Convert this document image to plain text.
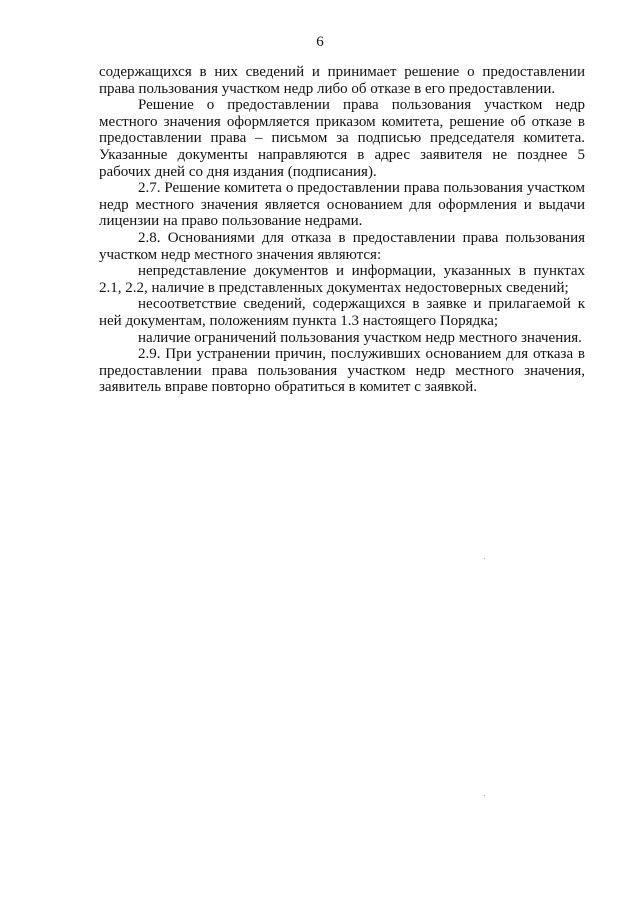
6

содержащихся в них сведений и принимает решение о предоставлении права пользования участком недр либо об отказе в его предоставлении.

Решение о предоставлении права пользования участком недр местного значения оформляется приказом комитета, решение об отказе в предоставлении права – письмом за подписью председателя комитета. Указанные документы направляются в адрес заявителя не позднее 5 рабочих дней со дня издания (подписания).

2.7. Решение комитета о предоставлении права пользования участком недр местного значения является основанием для оформления и выдачи лицензии на право пользование недрами.

2.8. Основаниями для отказа в предоставлении права пользования участком недр местного значения являются:

непредставление документов и информации, указанных в пунктах 2.1, 2.2, наличие в представленных документах недостоверных сведений;

несоответствие сведений, содержащихся в заявке и прилагаемой к ней документам, положениям пункта 1.3 настоящего Порядка;

наличие ограничений пользования участком недр местного значения.

2.9. При устранении причин, послуживших основанием для отказа в предоставлении права пользования участком недр местного значения, заявитель вправе повторно обратиться в комитет с заявкой.
